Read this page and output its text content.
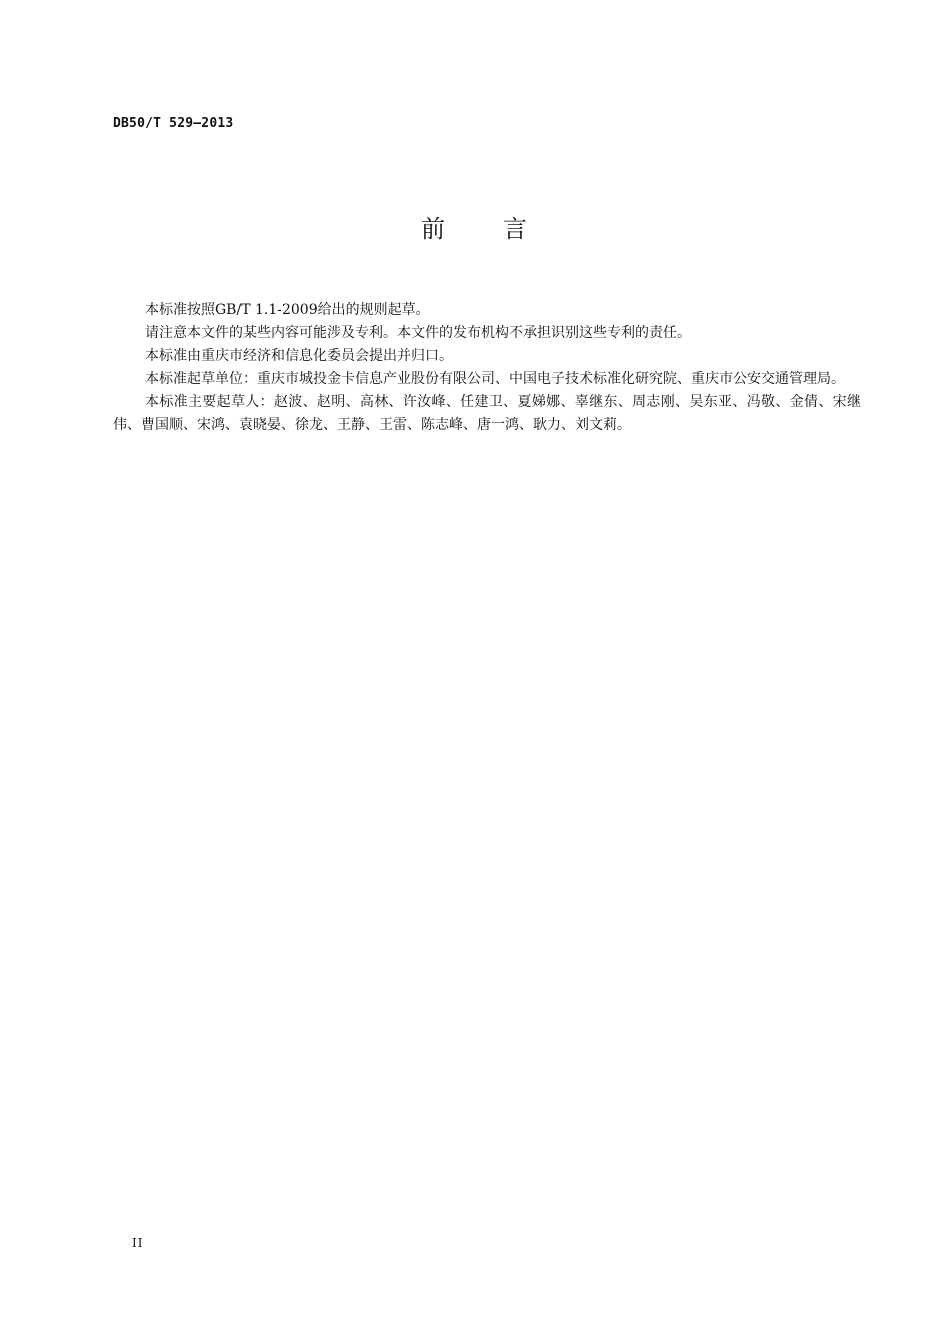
DB50/T 529—2013
前 言

本标准按照GB/T 1.1-2009给出的规则起草。

请注意本文件的某些内容可能涉及专利。本文件的发布机构不承担识别这些专利的责任。

本标准由重庆市经济和信息化委员会提出并归口。

本标准起草单位：重庆市城投金卡信息产业股份有限公司、中国电子技术标准化研究院、重庆市公安交通管理局。

本标准主要起草人：赵波、赵明、高林、许汝峰、任建卫、夏娣娜、辜继东、周志刚、吴东亚、冯敬、金倩、宋继伟、曹国顺、宋鸿、袁晓晏、徐龙、王静、王雷、陈志峰、唐一鸿、耿力、刘文莉。

II
